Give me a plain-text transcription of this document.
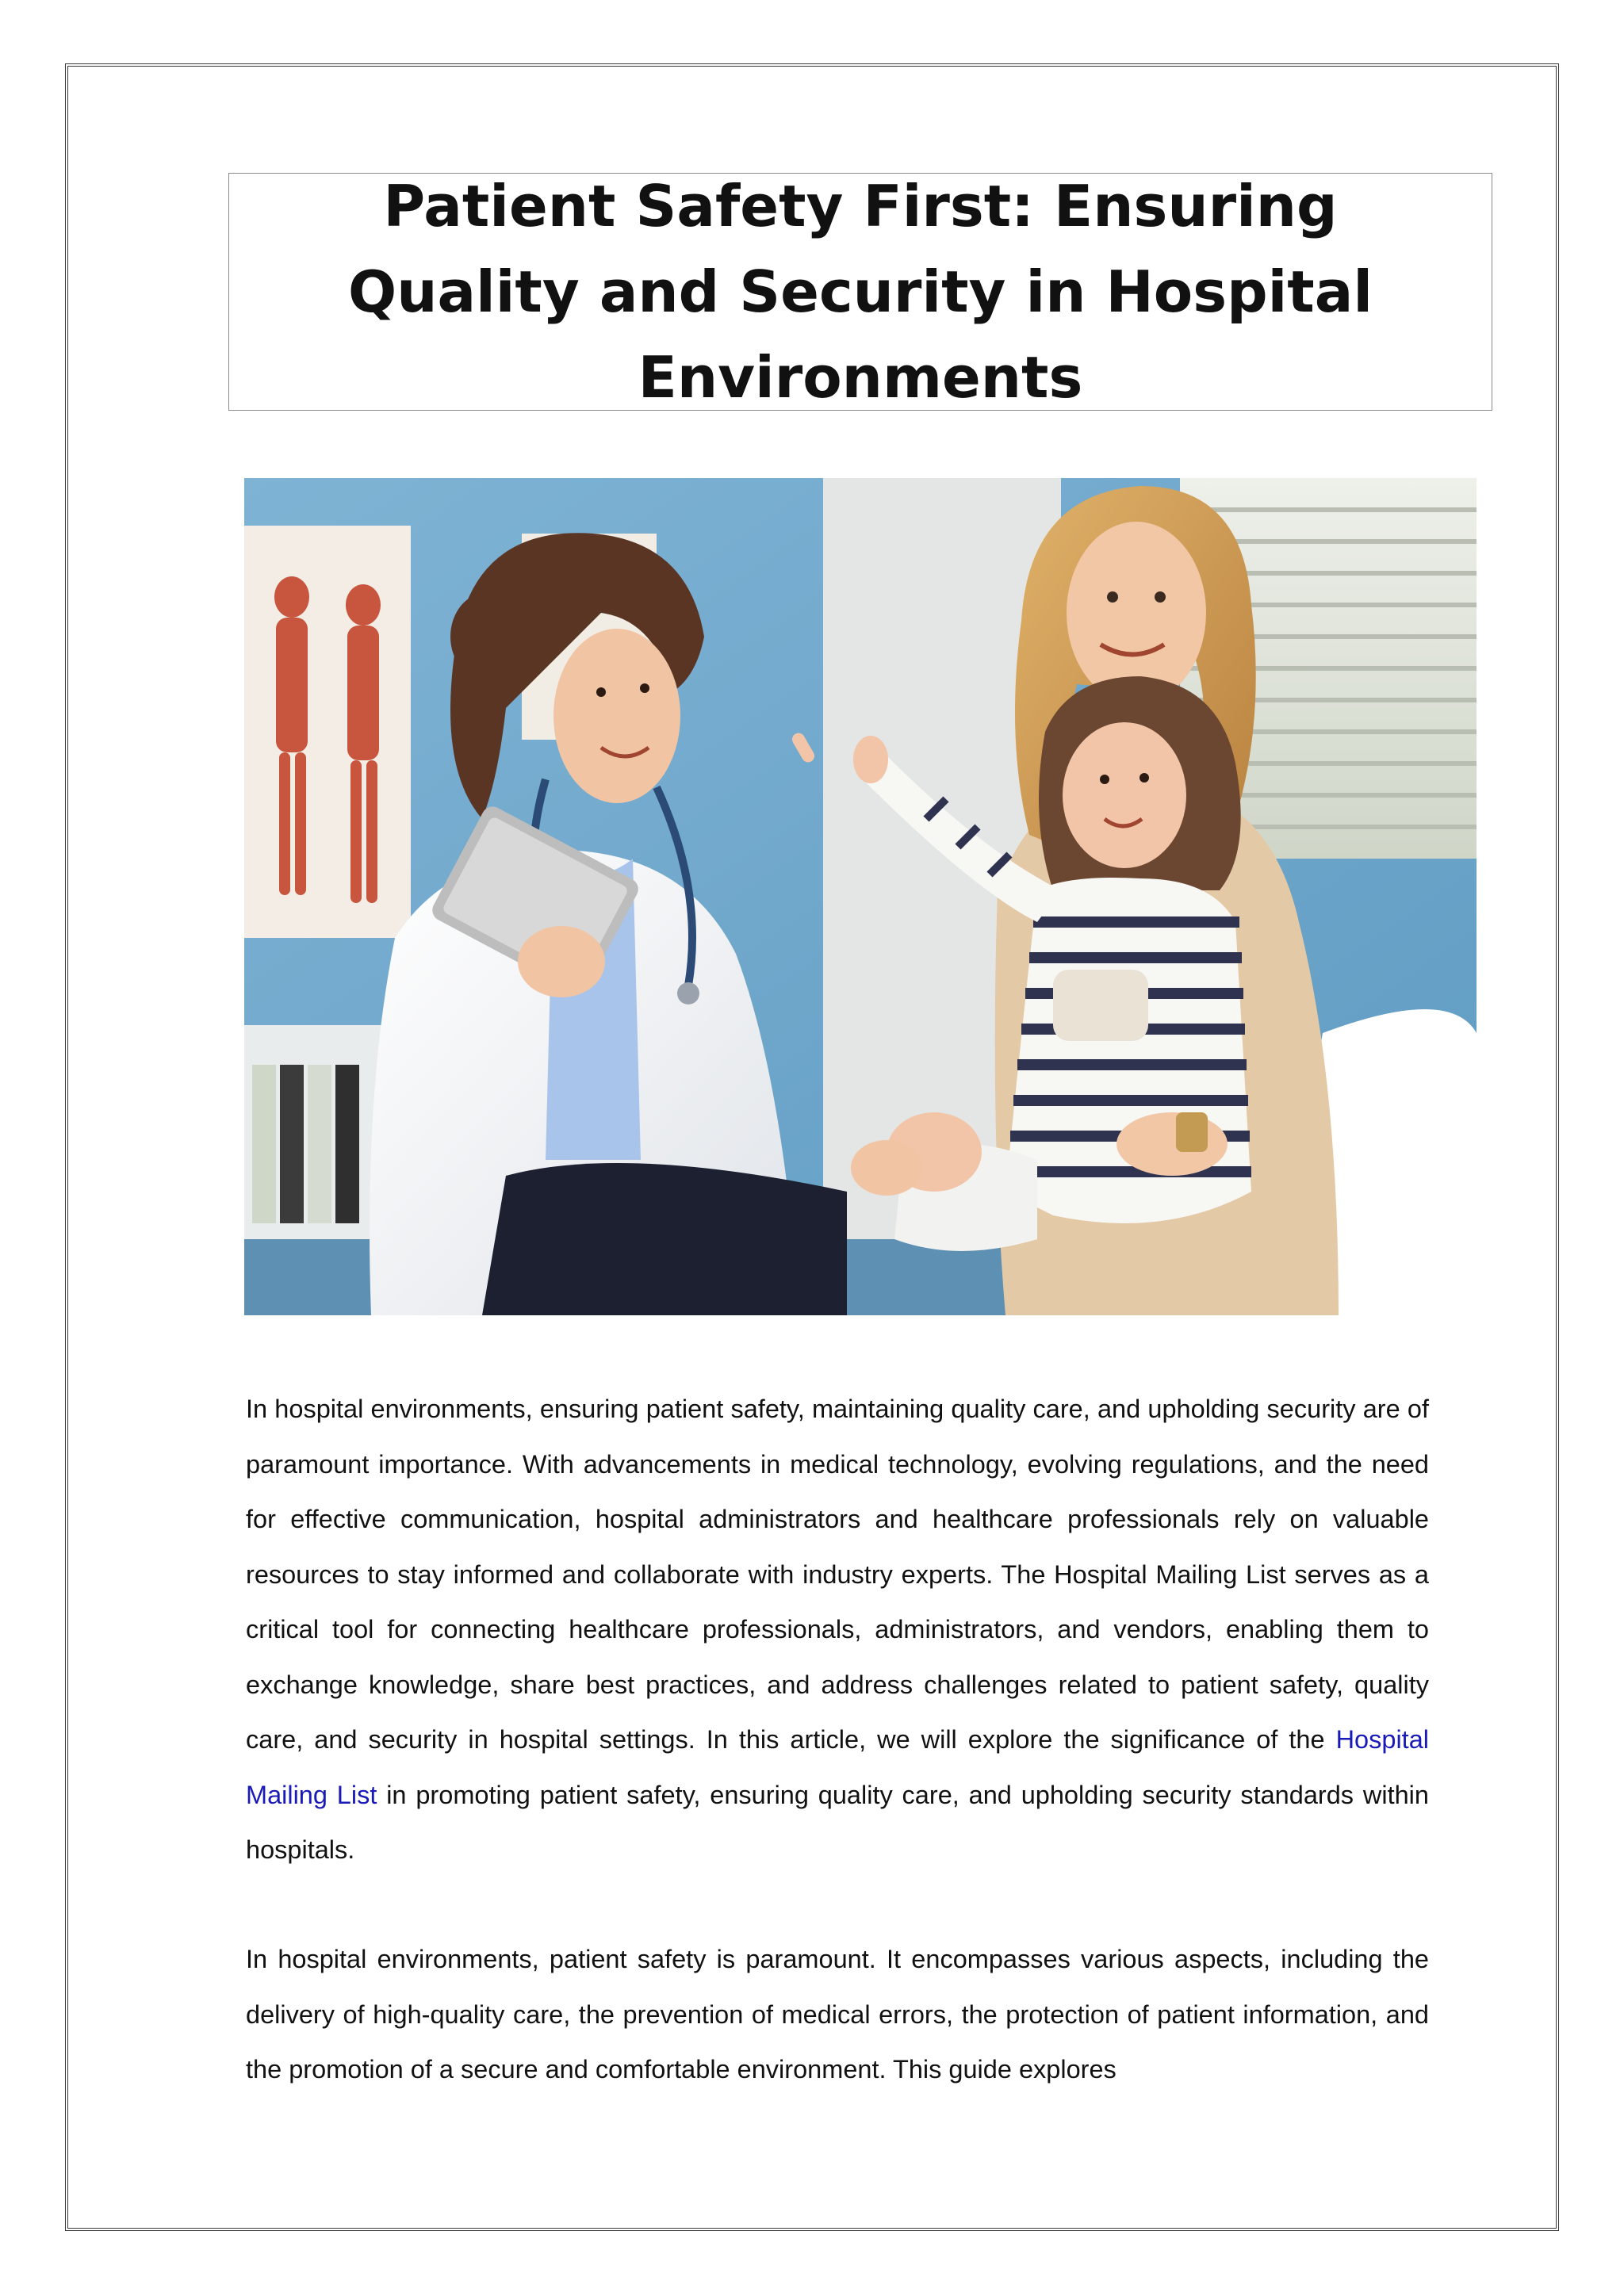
Patient Safety First: Ensuring Quality and Security in Hospital Environments

In hospital environments, ensuring patient safety, maintaining quality care, and upholding security are of paramount importance. With advancements in medical technology, evolving regulations, and the need for effective communication, hospital administrators and healthcare professionals rely on valuable resources to stay informed and collaborate with industry experts. The Hospital Mailing List serves as a critical tool for connecting healthcare professionals, administrators, and vendors, enabling them to exchange knowledge, share best practices, and address challenges related to patient safety, quality care, and security in hospital settings. In this article, we will explore the significance of the Hospital Mailing List in promoting patient safety, ensuring quality care, and upholding security standards within hospitals.

In hospital environments, patient safety is paramount. It encompasses various aspects, including the delivery of high-quality care, the prevention of medical errors, the protection of patient information, and the promotion of a secure and comfortable environment. This guide explores
